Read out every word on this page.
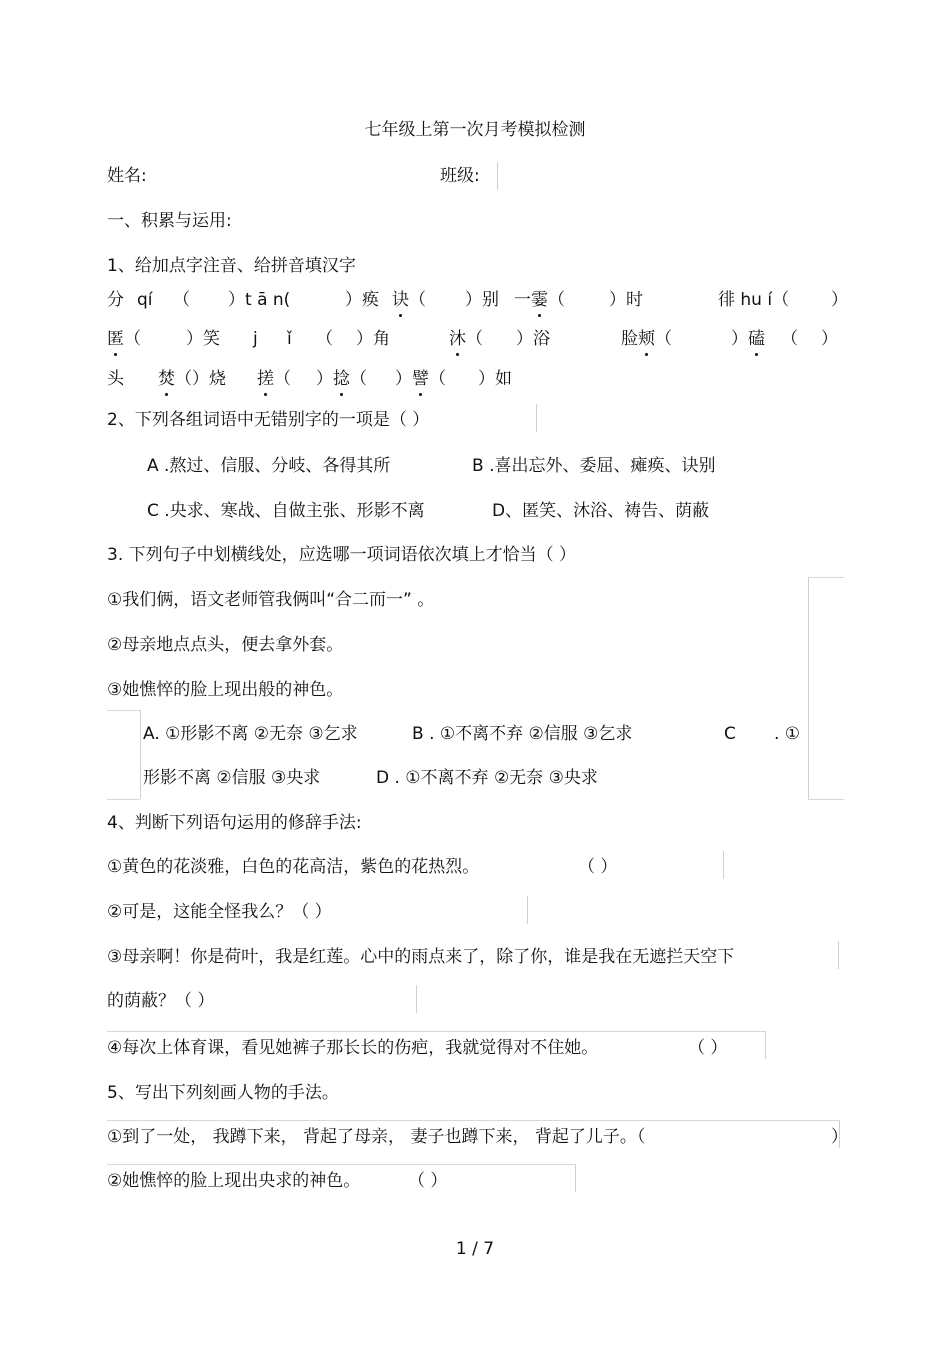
七年级上第一次月考模拟检测
姓名:	班级:
一、积累与运用:
1、给加点字注音、给拼音填汉字
分 qí （ ）t ā n(	）痪 诀（ ）别 一霎（	）时	徘 hu í（ ）
匿（	）笑 j ǐ （ ）角	沐（ ）浴	脸颊（	）磕 （ ）
头 焚（）烧 搓（ ）捻（ ）譬（ ）如
2、下列各组词语中无错别字的一项是（ ）
A .熬过、信服、分岐、各得其所	B .喜出忘外、委屈、瘫痪、诀别
C .央求、寒战、自做主张、形影不离	D、匿笑、沐浴、祷告、荫蔽
3. 下列句子中划横线处，应选哪一项词语依次填上才恰当（ ）
①我们俩，语文老师管我俩叫“合二而一” 。
②母亲地点点头，便去拿外套。
③她憔悴的脸上现出般的神色。
A. ①形影不离 ②无奈 ③乞求	B . ①不离不弃 ②信服 ③乞求	C . ①
形影不离 ②信服 ③央求	D . ①不离不弃 ②无奈 ③央求
4、判断下列语句运用的修辞手法:
①黄色的花淡雅，白色的花高洁，紫色的花热烈。	（ ）
②可是，这能全怪我么？（ ）
③母亲啊！你是荷叶，我是红莲。心中的雨点来了，除了你，谁是我在无遮拦天空下
的荫蔽？（ ）
④每次上体育课，看见她裤子那长长的伤疤，我就觉得对不住她。	（ ）
5、写出下列刻画人物的手法。
①到了一处， 我蹲下来， 背起了母亲， 妻子也蹲下来， 背起了儿子。（	）
②她憔悴的脸上现出央求的神色。	（ ）
1 / 7
